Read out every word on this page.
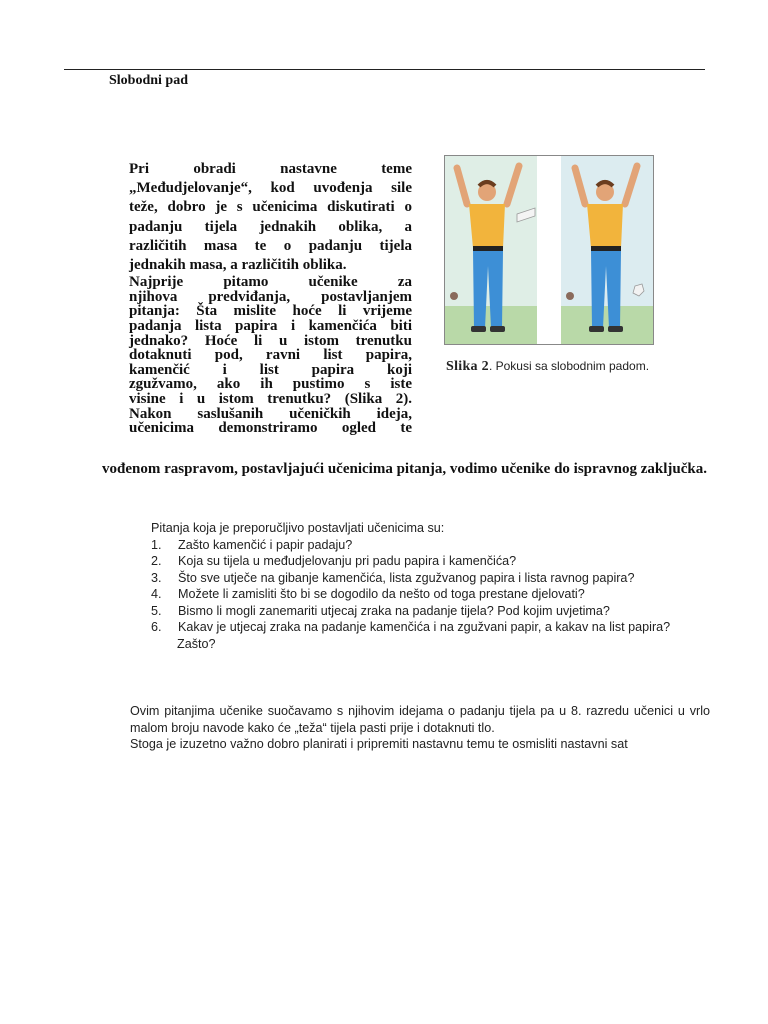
Slobodni pad
Pri obradi nastavne teme
„Međudjelovanje“, kod uvođenja sile
teže, dobro je s učenicima diskutirati o
padanju tijela jednakih oblika, a
različitih masa te o padanju tijela
jednakih masa, a različitih oblika.
Najprije pitamo učenike za
njihova predviđanja, postavljanjem
pitanja: Šta mislite hoće li vrijeme
padanja lista papira i kamenčića biti
jednako? Hoće li u istom trenutku
dotaknuti pod, ravni list papira,
kamenčić i list papira koji
zgužvamo, ako ih pustimo s iste
visine i u istom trenutku? (Slika 2).
Nakon saslušanih učeničkih ideja,
učenicima demonstriramo ogled te
Slika 2. Pokusi sa slobodnim padom.
vođenom raspravom, postavljajući učenicima pitanja, vodimo učenike do ispravnog zaključka.

Pitanja koja je preporučljivo postavljati učenicima su:

1. Zašto kamenčić i papir padaju?
2. Koja su tijela u međudjelovanju pri padu papira i kamenčića?
3. Što sve utječe na gibanje kamenčića, lista zgužvanog papira i lista ravnog papira?
4. Možete li zamisliti što bi se dogodilo da nešto od toga prestane djelovati?
5. Bismo li mogli zanemariti utjecaj zraka na padanje tijela? Pod kojim uvjetima?
6. Kakav je utjecaj zraka na padanje kamenčića i na zgužvani papir, a kakav na list papira?
Zašto?

Ovim pitanjima učenike suočavamo s njihovim idejama o padanju tijela pa u 8. razredu učenici u vrlo malom broju navode kako će „teža“ tijela pasti prije i dotaknuti tlo.

Stoga je izuzetno važno dobro planirati i pripremiti nastavnu temu te osmisliti nastavni sat
